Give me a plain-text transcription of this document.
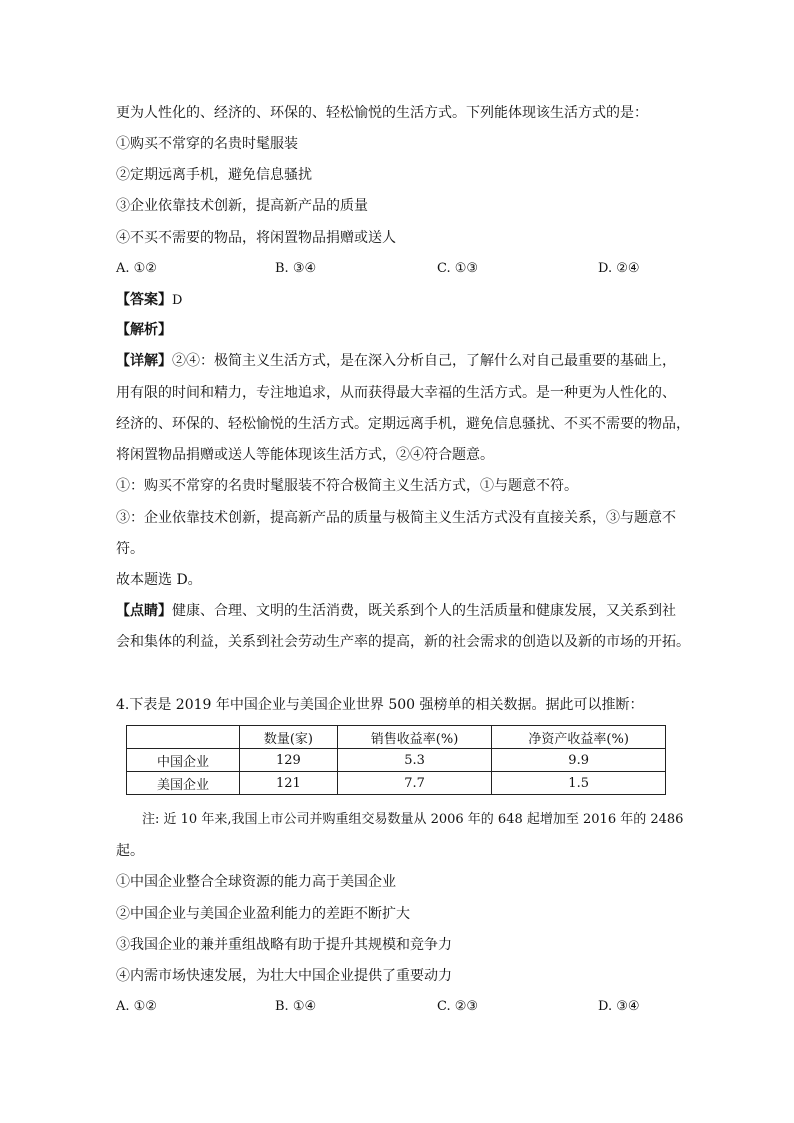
更为人性化的、经济的、环保的、轻松愉悦的生活方式。下列能体现该生活方式的是：
①购买不常穿的名贵时髦服装
②定期远离手机，避免信息骚扰
③企业依靠技术创新，提高新产品的质量
④不买不需要的物品，将闲置物品捐赠或送人
A. ①②	B. ③④	C. ①③	D. ②④
【答案】D
【解析】
【详解】②④：极简主义生活方式，是在深入分析自己，了解什么对自己最重要的基础上，
用有限的时间和精力，专注地追求，从而获得最大幸福的生活方式。是一种更为人性化的、
经济的、环保的、轻松愉悦的生活方式。定期远离手机，避免信息骚扰、不买不需要的物品，
将闲置物品捐赠或送人等能体现该生活方式，②④符合题意。
①：购买不常穿的名贵时髦服装不符合极简主义生活方式，①与题意不符。
③：企业依靠技术创新，提高新产品的质量与极简主义生活方式没有直接关系，③与题意不
符。
故本题选 D。
【点睛】健康、合理、文明的生活消费，既关系到个人的生活质量和健康发展，又关系到社
会和集体的利益，关系到社会劳动生产率的提高，新的社会需求的创造以及新的市场的开拓。
4.下表是 2019 年中国企业与美国企业世界 500 强榜单的相关数据。据此可以推断：
	数量(家)	销售收益率(%)	净资产收益率(%)
中国企业	129	5.3	9.9
美国企业	121	7.7	1.5
注: 近 10 年来,我国上市公司并购重组交易数量从 2006 年的 648 起增加至 2016 年的 2486
起。
①中国企业整合全球资源的能力高于美国企业
②中国企业与美国企业盈利能力的差距不断扩大
③我国企业的兼并重组战略有助于提升其规模和竞争力
④内需市场快速发展，为壮大中国企业提供了重要动力
A. ①②	B. ①④	C. ②③	D. ③④
